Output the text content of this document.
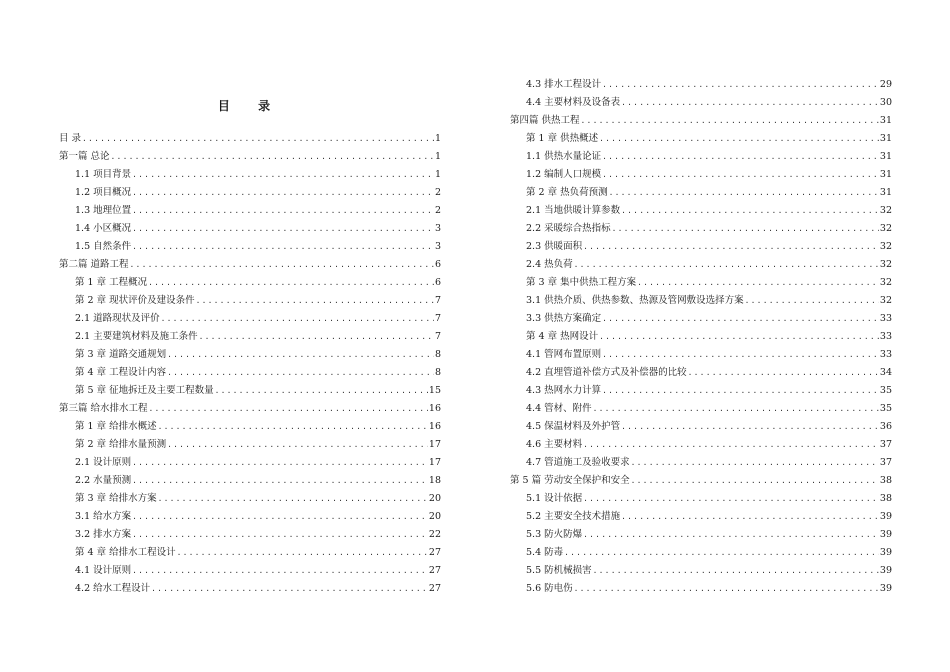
目 录
目 录 .....	1
第一篇 总论 .....	1
1.1 项目背景 .....	1
1.2 项目概况 .....	2
1.3 地理位置 .....	2
1.4 小区概况 .....	3
1.5 自然条件 .....	3
第二篇 道路工程 .....	6
第 1 章 工程概况 .....	6
第 2 章 现状评价及建设条件 .....	7
2.1 道路现状及评价 .....	7
2.1 主要建筑材料及施工条件 .....	7
第 3 章 道路交通规划 .....	8
第 4 章 工程设计内容 .....	8
第 5 章 征地拆迁及主要工程数量 .....	15
第三篇 给水排水工程 .....	16
第 1 章 给排水概述 .....	16
第 2 章 给排水量预测 .....	17
2.1 设计原则 .....	17
2.2 水量预测 .....	18
第 3 章 给排水方案 .....	20
3.1 给水方案 .....	20
3.2 排水方案 .....	22
第 4 章 给排水工程设计 .....	27
4.1 设计原则 .....	27
4.2 给水工程设计 .....	27
4.3 排水工程设计 .....	29
4.4 主要材料及设备表 .....	30
第四篇 供热工程 .....	31
第 1 章 供热概述 .....	31
1.1 供热水量论证 .....	31
1.2 编制人口规模 .....	31
第 2 章 热负荷预测 .....	31
2.1 当地供暖计算参数 .....	32
2.2 采暖综合热指标 .....	32
2.3 供暖面积 .....	32
2.4 热负荷 .....	32
第 3 章 集中供热工程方案 .....	32
3.1 供热介质、供热参数、热源及管网敷设选择方案 .....	32
3.3 供热方案确定 .....	33
第 4 章 热网设计 .....	33
4.1 管网布置原则 .....	33
4.2 直埋管道补偿方式及补偿器的比较 .....	34
4.3 热网水力计算 .....	35
4.4 管材、附件 .....	35
4.5 保温材料及外护管 .....	36
4.6 主要材料 .....	37
4.7 管道施工及验收要求 .....	37
第 5 篇 劳动安全保护和安全 .....	38
5.1 设计依据 .....	38
5.2 主要安全技术措施 .....	39
5.3 防火防爆 .....	39
5.4 防毒 .....	39
5.5 防机械损害 .....	39
5.6 防电伤 .....	39
